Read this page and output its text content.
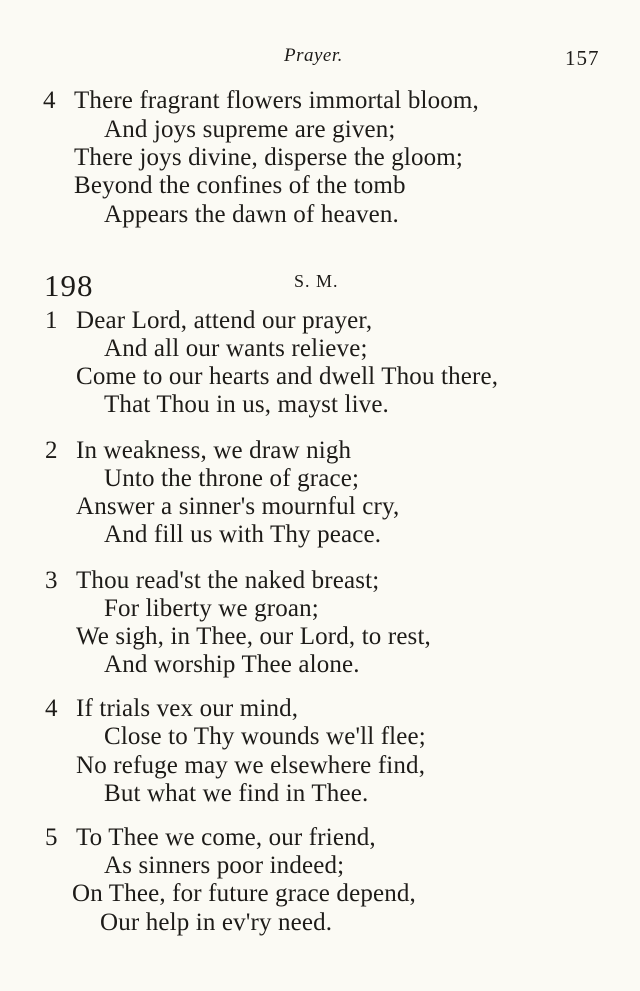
Prayer.	157
4 There fragrant flowers immortal bloom,
And joys supreme are given;
There joys divine, disperse the gloom;
Beyond the confines of the tomb
Appears the dawn of heaven.
198	S. M.
1 Dear Lord, attend our prayer,
And all our wants relieve;
Come to our hearts and dwell Thou there,
That Thou in us, mayst live.
2 In weakness, we draw nigh
Unto the throne of grace;
Answer a sinner's mournful cry,
And fill us with Thy peace.
3 Thou read'st the naked breast;
For liberty we groan;
We sigh, in Thee, our Lord, to rest,
And worship Thee alone.
4 If trials vex our mind,
Close to Thy wounds we'll flee;
No refuge may we elsewhere find,
But what we find in Thee.
5 To Thee we come, our friend,
As sinners poor indeed;
On Thee, for future grace depend,
Our help in ev'ry need.
